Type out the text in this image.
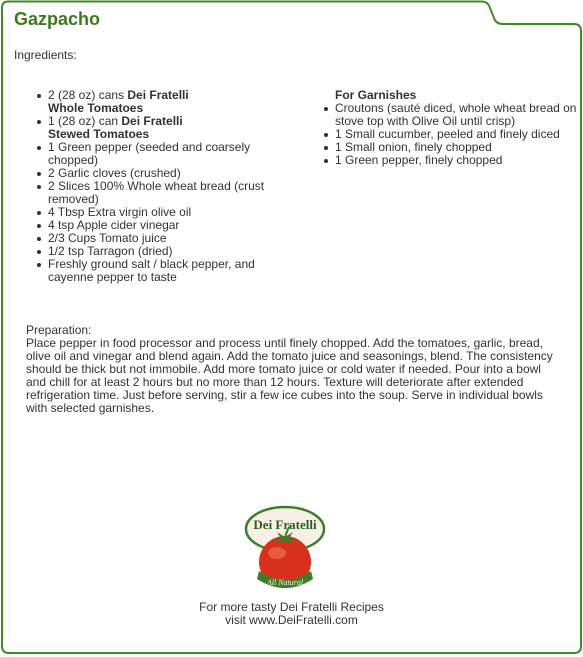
Gazpacho

Ingredients:

2 (28 oz) cans Dei Fratelli
Whole Tomatoes
1 (28 oz) can Dei Fratelli
Stewed Tomatoes
1 Green pepper (seeded and coarsely chopped)
2 Garlic cloves (crushed)
2 Slices 100% Whole wheat bread (crust removed)
4 Tbsp Extra virgin olive oil
4 tsp Apple cider vinegar
2/3 Cups Tomato juice
1/2 tsp Tarragon (dried)
Freshly ground salt / black pepper, and cayenne pepper to taste
For Garnishes
Croutons (sauté diced, whole wheat bread on stove top with Olive Oil until crisp)
1 Small cucumber, peeled and finely diced
1 Small onion, finely chopped
1 Green pepper, finely chopped
Preparation:
Place pepper in food processor and process until finely chopped. Add the tomatoes, garlic, bread, olive oil and vinegar and blend again. Add the tomato juice and seasonings, blend. The consistency should be thick but not immobile. Add more tomato juice or cold water if needed. Pour into a bowl and chill for at least 2 hours but no more than 12 hours. Texture will deteriorate after extended refrigeration time. Just before serving, stir a few ice cubes into the soup. Serve in individual bowls with selected garnishes.
Dei Fratelli
All Natural
For more tasty Dei Fratelli Recipes
visit www.DeiFratelli.com
